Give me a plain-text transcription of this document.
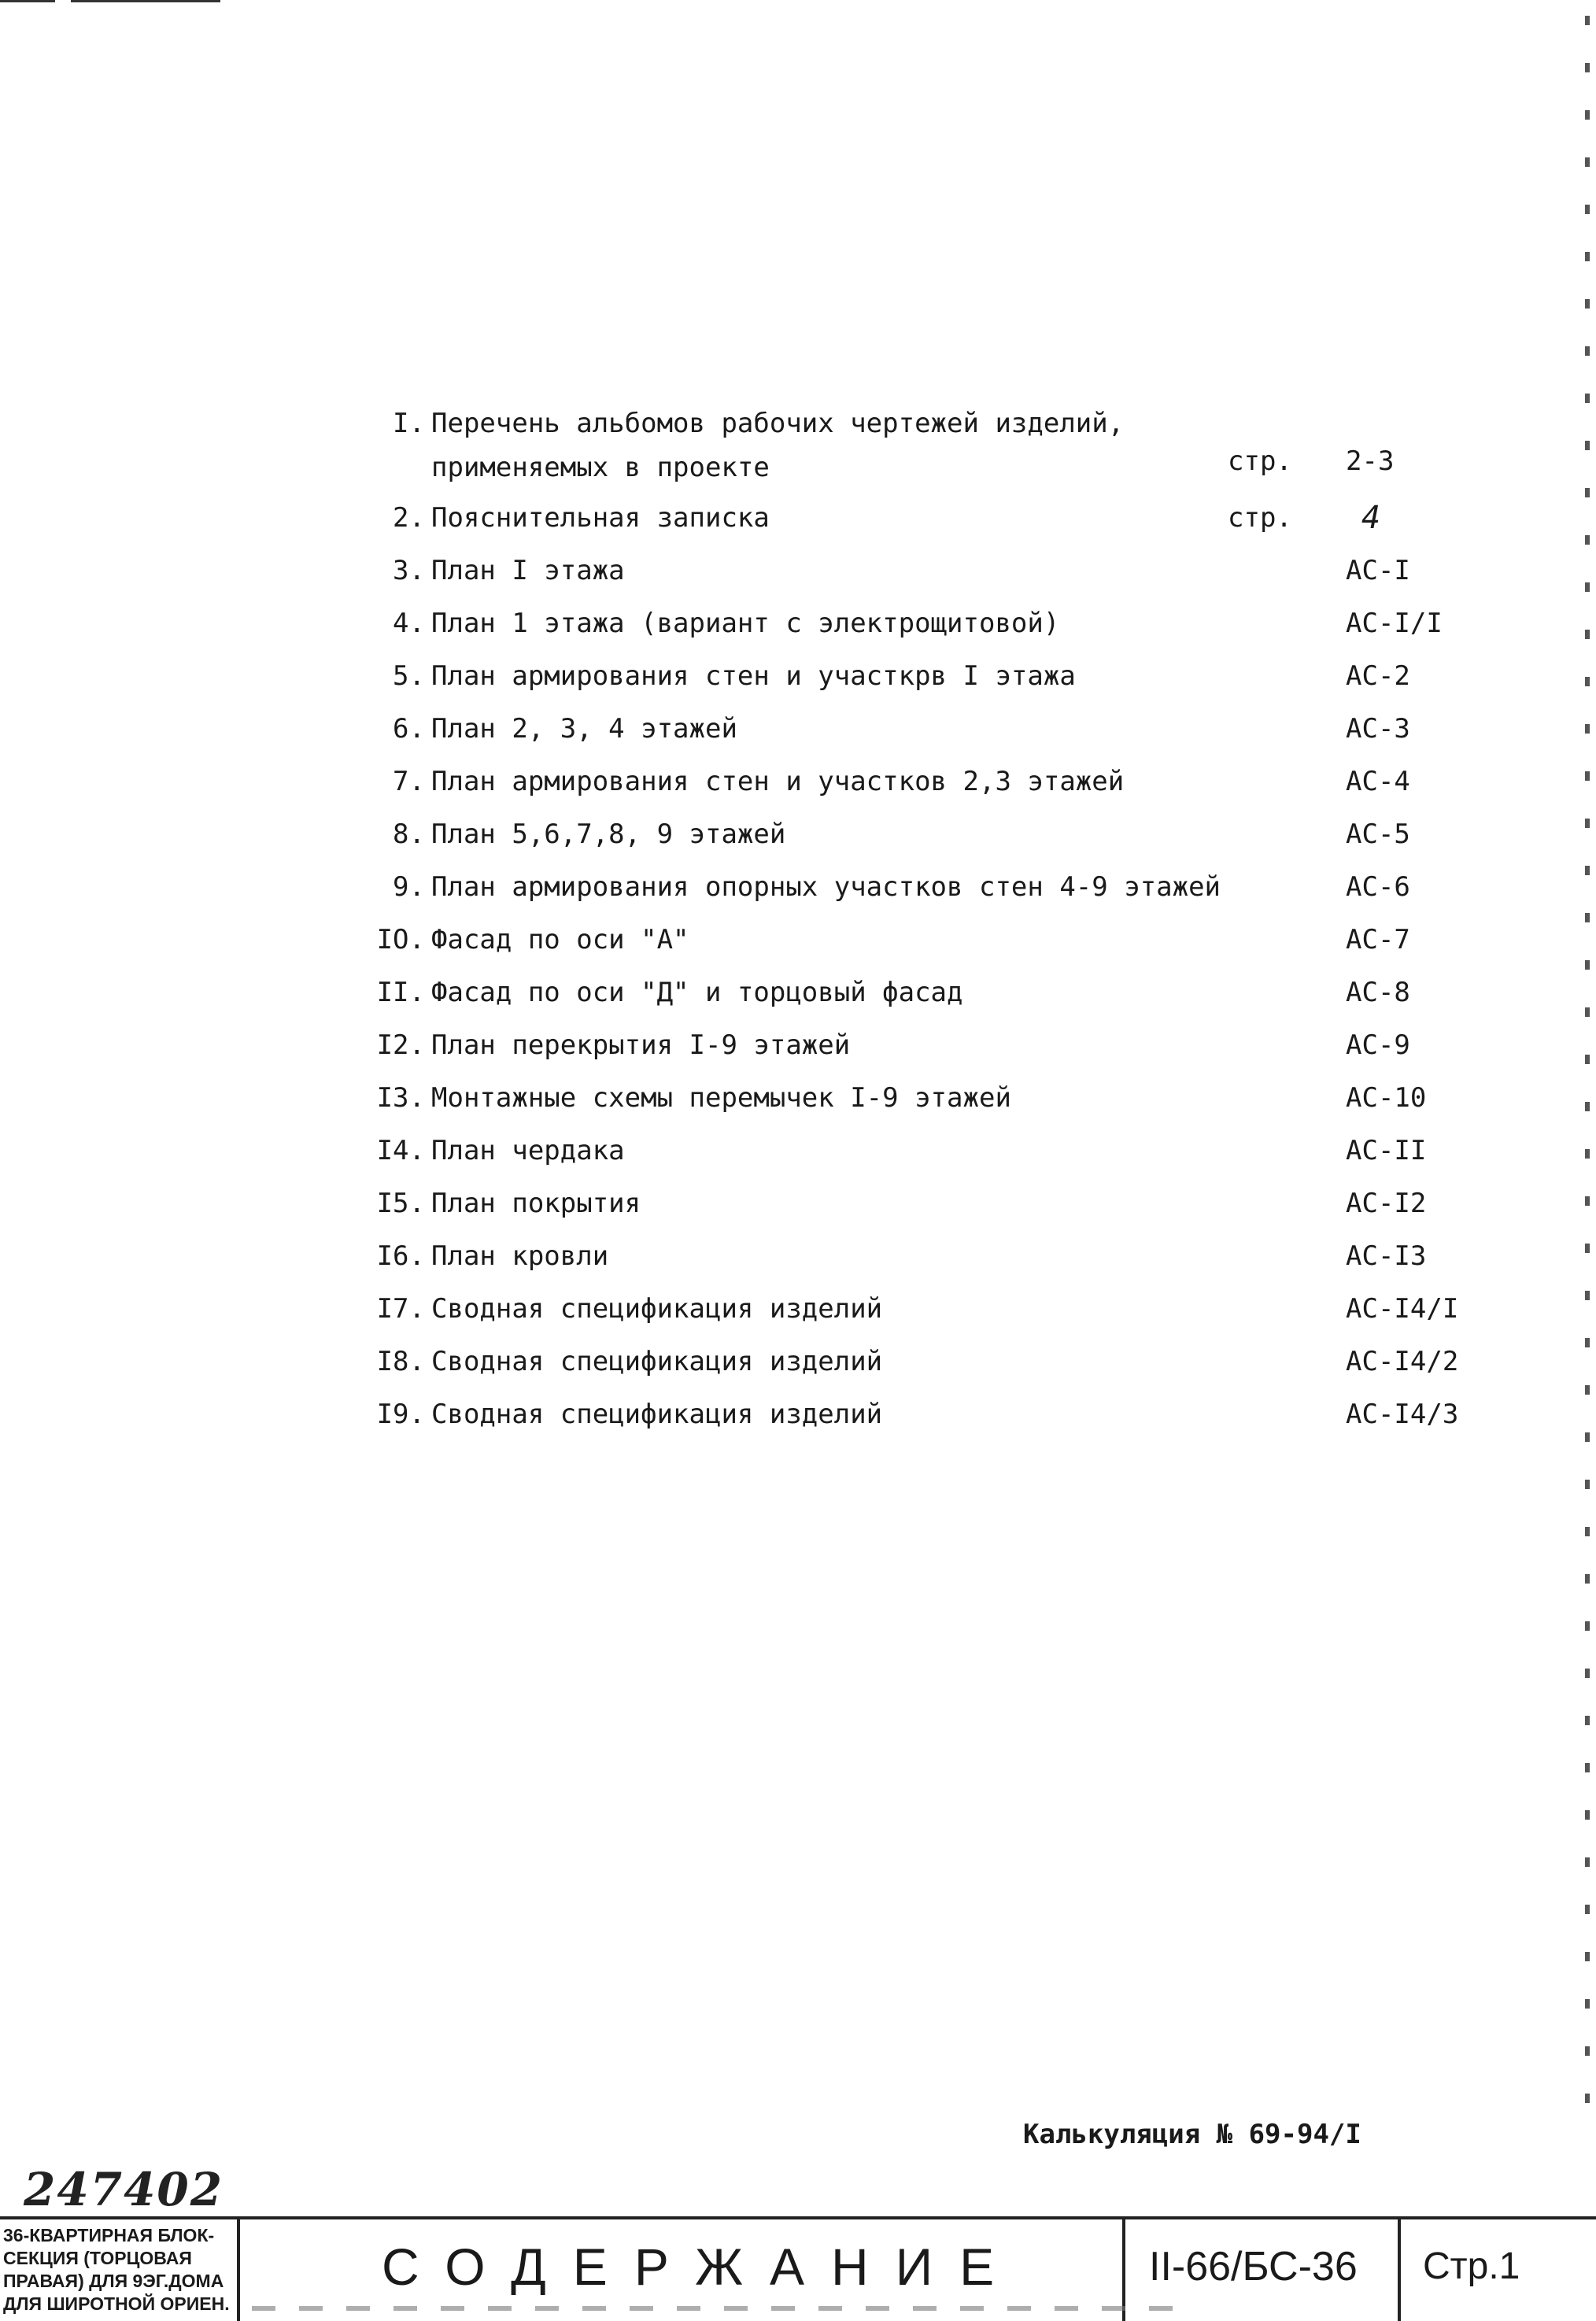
I. Перечень альбомов рабочих чертежей изделий,
применяемых в проекте	стр. 2-3
2. Пояснительная записка	стр. 4
3. План I этажа	АС-I
4. План 1 этажа (вариант с электрощитовой)	АС-I/I
5. План армирования стен и участкрв I этажа	АС-2
6. План 2, 3, 4 этажей	АС-3
7. План армирования стен и участков 2,3 этажей	АС-4
8. План 5,6,7,8, 9 этажей	АС-5
9. План армирования опорных участков стен 4-9 этажей	АС-6
IO. Фасад по оси "А"	АС-7
II. Фасад по оси "Д" и торцовый фасад	АС-8
I2. План перекрытия I-9 этажей	АС-9
I3. Монтажные схемы перемычек I-9 этажей	АС-10
I4. План чердака	АС-II
I5. План покрытия	АС-I2
I6. План кровли	АС-I3
I7. Сводная спецификация изделий	АС-I4/I
I8. Сводная спецификация изделий	АС-I4/2
I9. Сводная спецификация изделий	АС-I4/3
Калькуляция № 69-94/I
247402
36-КВАРТИРНАЯ БЛОК-
СЕКЦИЯ (ТОРЦОВАЯ
ПРАВАЯ) ДЛЯ 9ЭГ.ДОМА
ДЛЯ ШИРОТНОЙ ОРИЕН.
СОДЕРЖАНИЕ	II-66/БС-36	Стр.1
